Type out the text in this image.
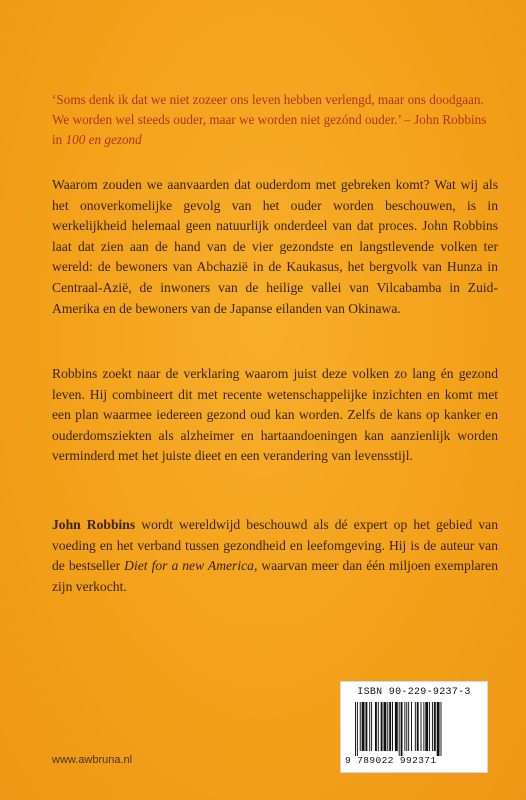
‘Soms denk ik dat we niet zozeer ons leven hebben verlengd, maar ons doodgaan. We worden wel steeds ouder, maar we worden niet gezónd ouder.’ – John Robbins in 100 en gezond
Waarom zouden we aanvaarden dat ouderdom met gebreken komt? Wat wij als het onoverkomelijke gevolg van het ouder worden beschouwen, is in werkelijkheid helemaal geen natuurlijk onderdeel van dat proces. John Robbins laat dat zien aan de hand van de vier gezondste en langstlevende volken ter wereld: de bewoners van Abchazië in de Kaukasus, het bergvolk van Hunza in Centraal-Azië, de inwoners van de heilige vallei van Vilcabamba in Zuid-Amerika en de bewoners van de Japanse eilanden van Okinawa.
Robbins zoekt naar de verklaring waarom juist deze volken zo lang én gezond leven. Hij combineert dit met recente wetenschappelijke inzichten en komt met een plan waarmee iedereen gezond oud kan worden. Zelfs de kans op kanker en ouderdomsziekten als alzheimer en hartaandoeningen kan aanzienlijk worden verminderd met het juiste dieet en een verandering van levensstijl.
John Robbins wordt wereldwijd beschouwd als dé expert op het gebied van voeding en het verband tussen gezondheid en leefomgeving. Hij is de auteur van de bestseller Diet for a new America, waarvan meer dan één miljoen exemplaren zijn verkocht.
www.awbruna.nl
ISBN 90-229-9237-3
9 789022 992371
